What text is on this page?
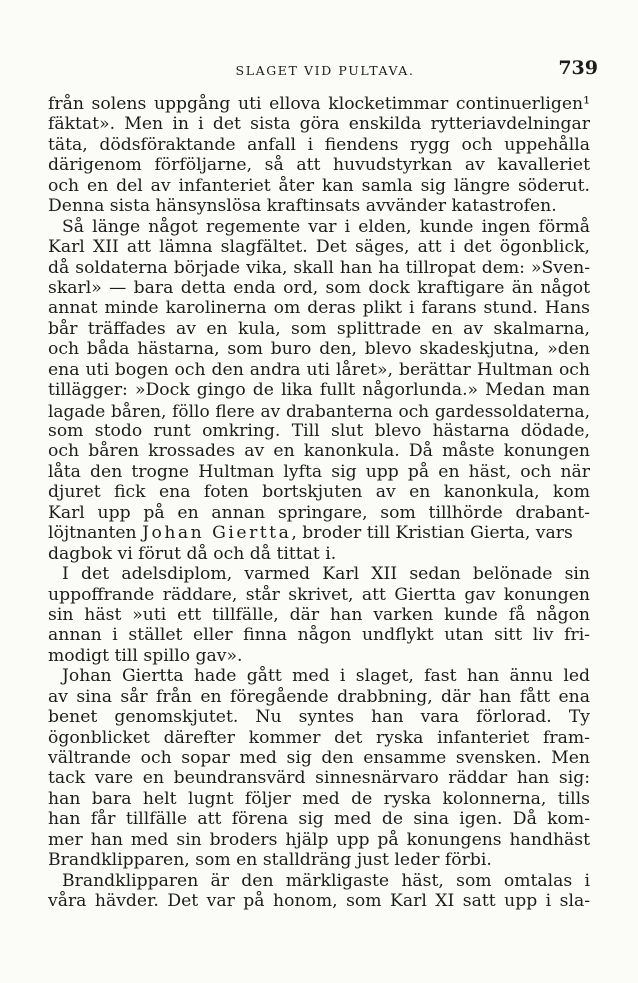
SLAGET VID PULTAVA.	739
från solens uppgång uti ellova klocketimmar continuerligen¹
fäktat». Men in i det sista göra enskilda rytteriavdelningar
täta, dödsföraktande anfall i fiendens rygg och uppehålla
därigenom förföljarne, så att huvudstyrkan av kavalleriet
och en del av infanteriet åter kan samla sig längre söderut.
Denna sista hänsynslösa kraftinsats avvänder katastrofen.
Så länge något regemente var i elden, kunde ingen förmå
Karl XII att lämna slagfältet. Det säges, att i det ögonblick,
då soldaterna började vika, skall han ha tillropat dem: »Sven-
skarl» — bara detta enda ord, som dock kraftigare än något
annat minde karolinerna om deras plikt i farans stund. Hans
bår träffades av en kula, som splittrade en av skalmarna,
och båda hästarna, som buro den, blevo skadeskjutna, »den
ena uti bogen och den andra uti låret», berättar Hultman och
tillägger: »Dock gingo de lika fullt någorlunda.» Medan man
lagade båren, föllo flere av drabanterna och gardessoldaterna,
som stodo runt omkring. Till slut blevo hästarna dödade,
och båren krossades av en kanonkula. Då måste konungen
låta den trogne Hultman lyfta sig upp på en häst, och när
djuret fick ena foten bortskjuten av en kanonkula, kom
Karl upp på en annan springare, som tillhörde drabant-
löjtnanten Johan Giertta, broder till Kristian Gierta, vars
dagbok vi förut då och då tittat i.
I det adelsdiplom, varmed Karl XII sedan belönade sin
uppoffrande räddare, står skrivet, att Giertta gav konungen
sin häst »uti ett tillfälle, där han varken kunde få någon
annan i stället eller finna någon undflykt utan sitt liv fri-
modigt till spillo gav».
Johan Giertta hade gått med i slaget, fast han ännu led
av sina sår från en föregående drabbning, där han fått ena
benet genomskjutet. Nu syntes han vara förlorad. Ty
ögonblicket därefter kommer det ryska infanteriet fram-
vältrande och sopar med sig den ensamme svensken. Men
tack vare en beundransvärd sinnesnärvaro räddar han sig:
han bara helt lugnt följer med de ryska kolonnerna, tills
han får tillfälle att förena sig med de sina igen. Då kom-
mer han med sin broders hjälp upp på konungens handhäst
Brandklipparen, som en stalldräng just leder förbi.
Brandklipparen är den märkligaste häst, som omtalas i
våra hävder. Det var på honom, som Karl XI satt upp i sla-
